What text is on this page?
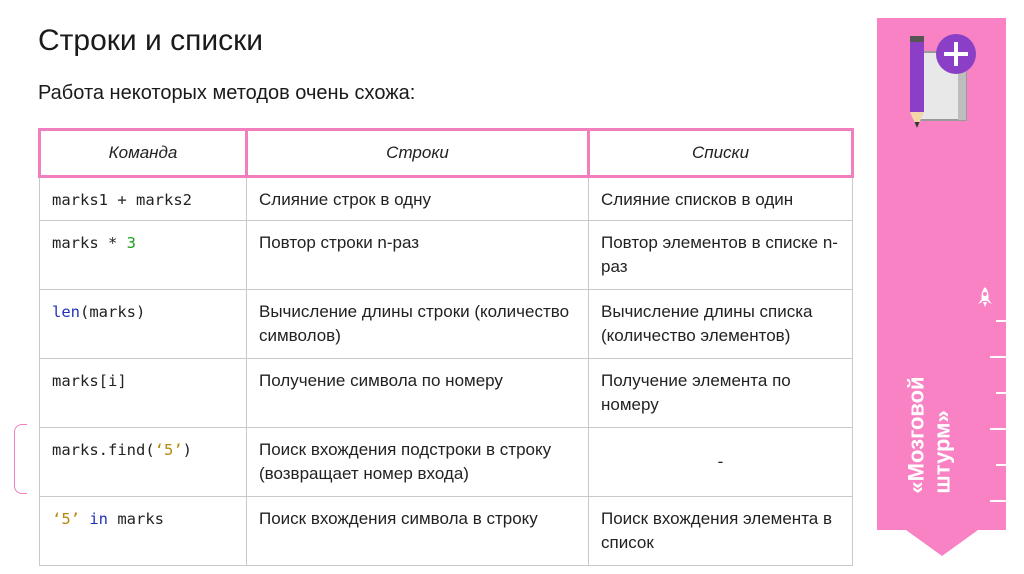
Строки и списки
Работа некоторых методов очень схожа:
Команда	Строки	Списки
marks1 + marks2	Слияние строк в одну	Слияние списков в один
marks * 3	Повтор строки n-раз	Повтор элементов в списке n-раз
len(marks)	Вычисление длины строки (количество символов)	Вычисление длины списка (количество элементов)
marks[i]	Получение символа по номеру	Получение элемента по номеру
marks.find(‘5’)	Поиск вхождения подстроки в строку (возвращает номер входа)	-
‘5’ in marks	Поиск вхождения символа в строку	Поиск вхождения элемента в список
«Мозговой
штурм»
